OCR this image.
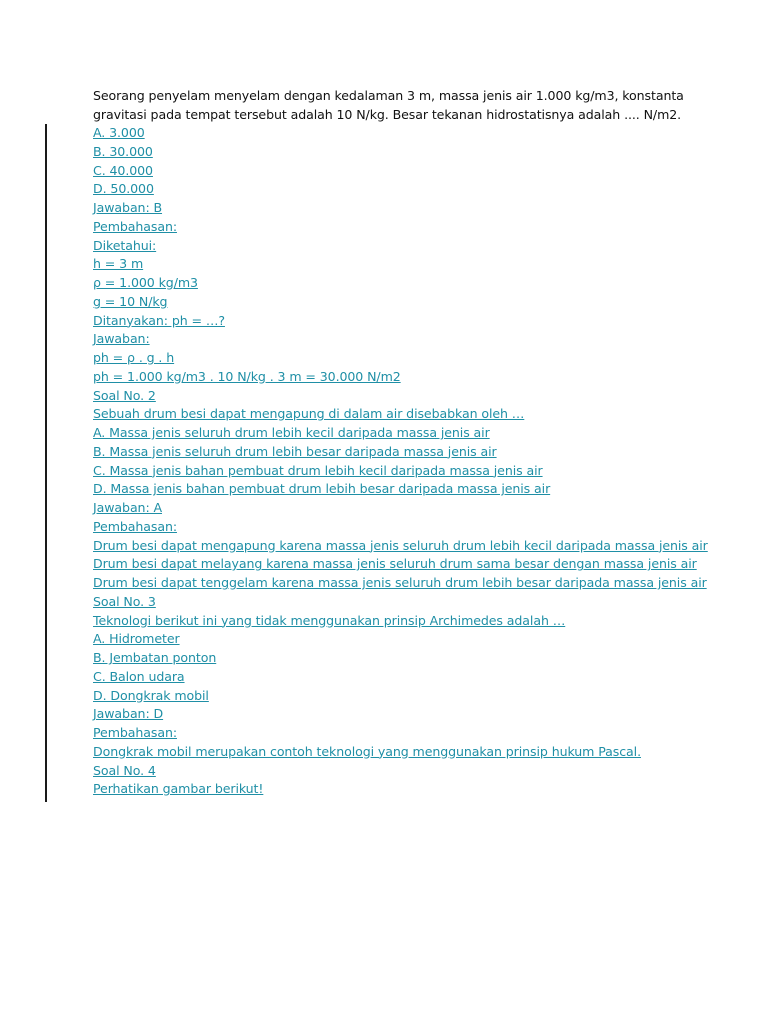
Seorang penyelam menyelam dengan kedalaman 3 m, massa jenis air 1.000 kg/m3, konstanta
gravitasi pada tempat tersebut adalah 10 N/kg. Besar tekanan hidrostatisnya adalah .... N/m2.
A. 3.000
B. 30.000
C. 40.000
D. 50.000
Jawaban: B
Pembahasan:
Diketahui:
h = 3 m
ρ = 1.000 kg/m3
g = 10 N/kg
Ditanyakan: ph = …?
Jawaban:
ph = ρ . g . h
ph = 1.000 kg/m3 . 10 N/kg . 3 m = 30.000 N/m2
Soal No. 2
Sebuah drum besi dapat mengapung di dalam air disebabkan oleh …
A. Massa jenis seluruh drum lebih kecil daripada massa jenis air
B. Massa jenis seluruh drum lebih besar daripada massa jenis air
C. Massa jenis bahan pembuat drum lebih kecil daripada massa jenis air
D. Massa jenis bahan pembuat drum lebih besar daripada massa jenis air
Jawaban: A
Pembahasan:
Drum besi dapat mengapung karena massa jenis seluruh drum lebih kecil daripada massa jenis air
Drum besi dapat melayang karena massa jenis seluruh drum sama besar dengan massa jenis air
Drum besi dapat tenggelam karena massa jenis seluruh drum lebih besar daripada massa jenis air
Soal No. 3
Teknologi berikut ini yang tidak menggunakan prinsip Archimedes adalah …
A. Hidrometer
B. Jembatan ponton
C. Balon udara
D. Dongkrak mobil
Jawaban: D
Pembahasan:
Dongkrak mobil merupakan contoh teknologi yang menggunakan prinsip hukum Pascal.
Soal No. 4
Perhatikan gambar berikut!
